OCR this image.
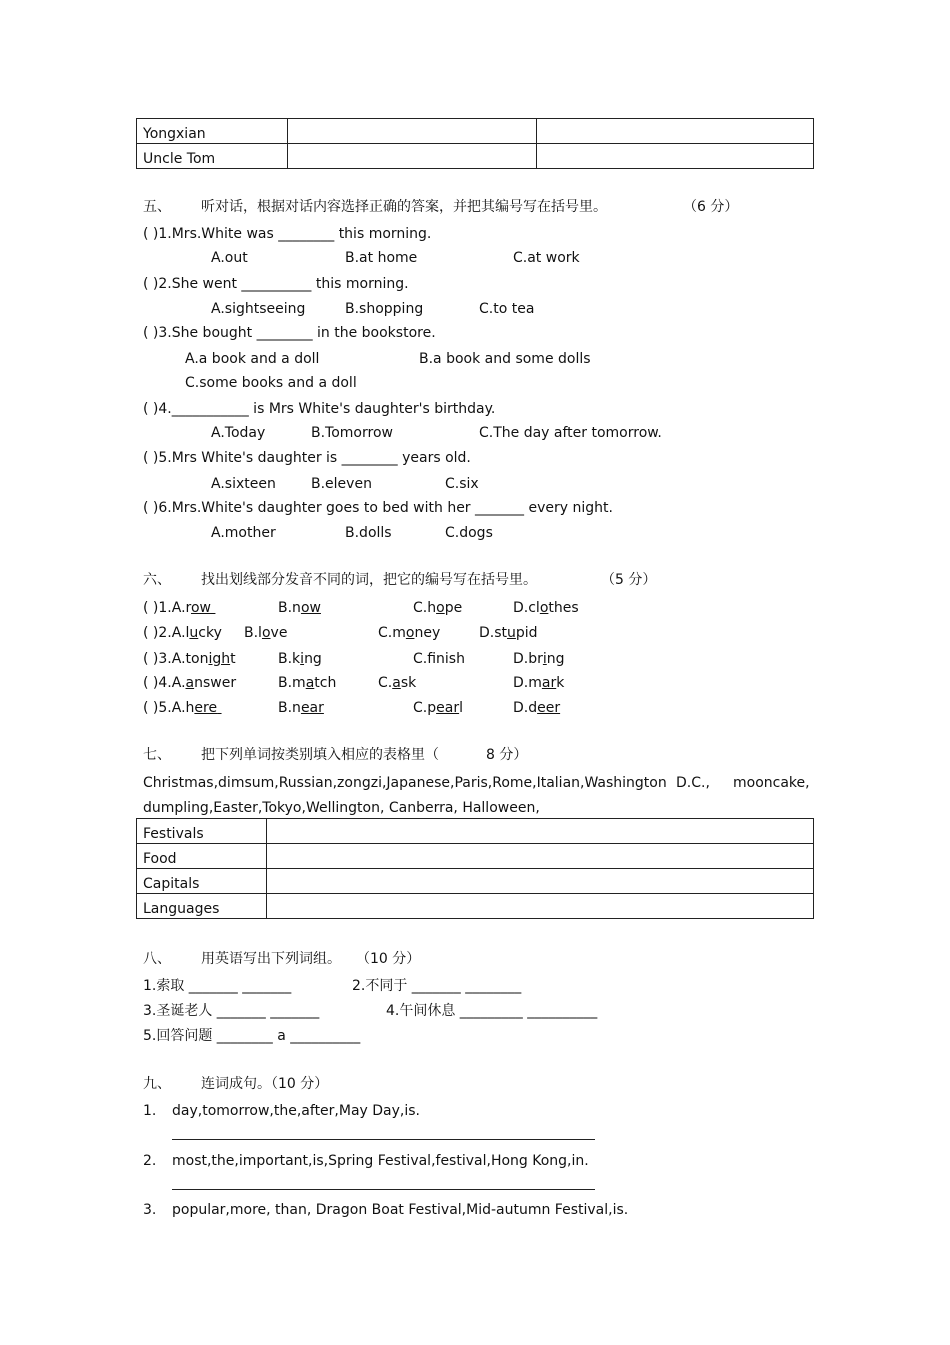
Yongxian		
Uncle Tom		
五、 听对话，根据对话内容选择正确的答案，并把其编号写在括号里。	（6 分）
( )1.Mrs.White was ________ this morning.
A.out	B.at home	C.at work
( )2.She went __________ this morning.
A.sightseeing	B.shopping	C.to tea
( )3.She bought ________ in the bookstore.
A.a book and a doll	B.a book and some dolls
C.some books and a doll
( )4.___________ is Mrs White's daughter's birthday.
A.Today	B.Tomorrow	C.The day after tomorrow.
( )5.Mrs White's daughter is ________ years old.
A.sixteen	B.eleven	C.six
( )6.Mrs.White's daughter goes to bed with her _______ every night.
A.mother	B.dolls	C.dogs
六、 找出划线部分发音不同的词，把它的编号写在括号里。	（5 分）
( )1.A.row	B.now	C.hope	D.clothes
( )2.A.lucky B.love	C.money	D.stupid
( )3.A.tonight	B.king	C.fnish	D.bring
( )4.A.answer	B.match	C.ask	D.mark
( )5.A.here	B.near	C.pearl	D.deer
七、 把下列单词按类别填入相应的表格里（	8 分）
Christmas,dimsum,Russian,zongzi,Japanese,Paris,Rome,Italian,Washington D.C., mooncake,
dumpling,Easter,Tokyo,Wellington, Canberra, Halloween,
Festivals	
Food	
Capitals	
Languages	
八、 用英语写出下列词组。 （10 分）
1.索取 _______ _______	2.不同于 _______ ________
3.圣诞老人 _______ _______	4.午间休息 _________ __________
5.回答问题 ________ a __________
九、 连词成句。（10 分）
1. day,tomorrow,the,after,May Day,is.
2. most,the,important,is,Spring Festival,festival,Hong Kong,in.
3. popular,more, than, Dragon Boat Festival,Mid-autumn Festival,is.
